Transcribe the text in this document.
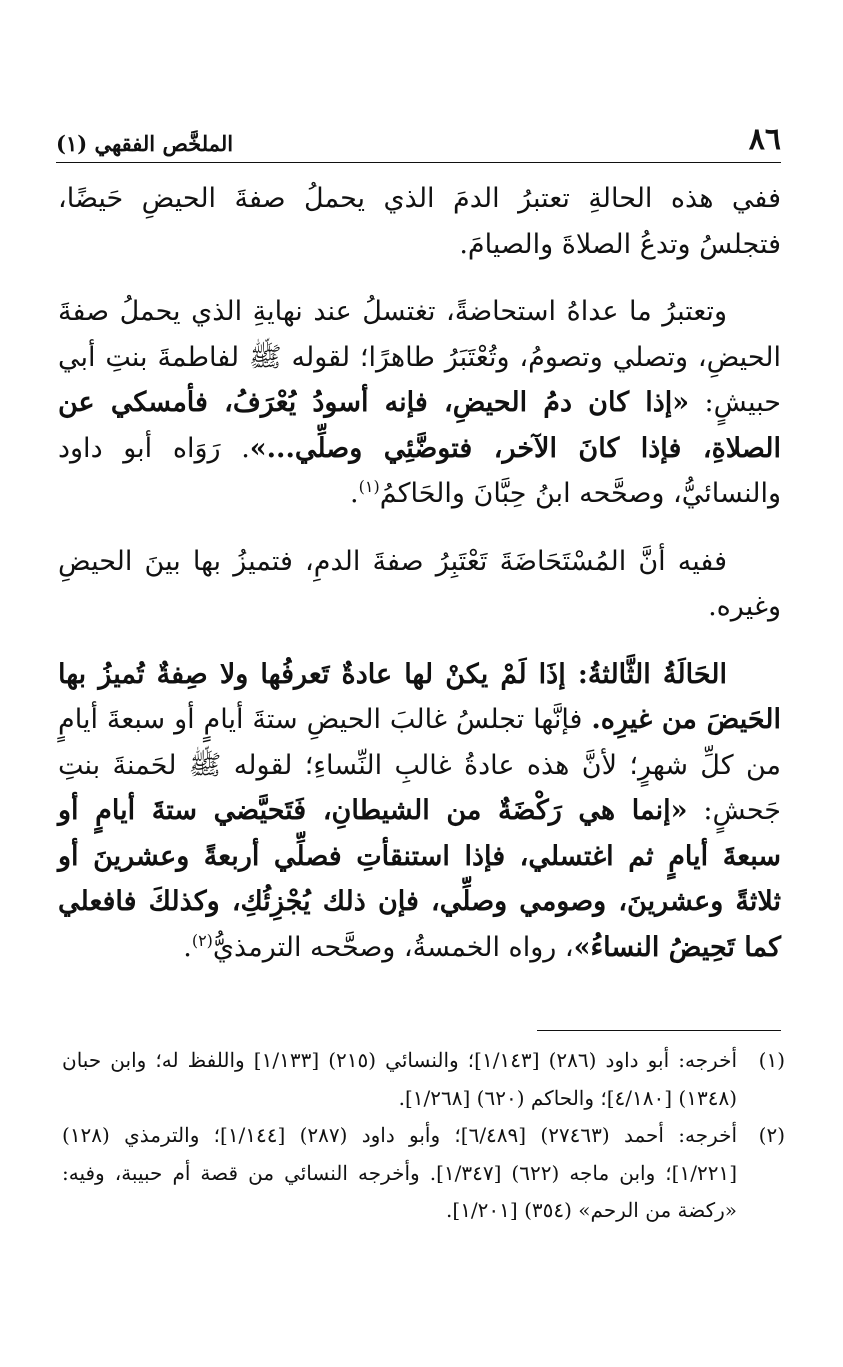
٨٦
الملخَّص الفقهي (١)

ففي هذه الحالةِ تعتبرُ الدمَ الذي يحملُ صفةَ الحيضِ حَيضًا، فتجلسُ وتدعُ الصلاةَ والصيامَ.

وتعتبرُ ما عداهُ استحاضةً، تغتسلُ عند نهايةِ الذي يحملُ صفةَ الحيضِ، وتصلي وتصومُ، وتُعْتَبَرُ طاهرًا؛ لقوله ﷺ لفاطمةَ بنتِ أبي حبيشٍ: «إذا كان دمُ الحيضِ، فإنه أسودُ يُعْرَفُ، فأمسكي عن الصلاةِ، فإذا كانَ الآخر، فتوضَّئِي وصلِّي...». رَوَاه أبو داود والنسائيُّ، وصحَّحه ابنُ حِبَّانَ والحَاكمُ$^{(١)}$.

ففيه أنَّ المُسْتَحَاضَةَ تَعْتَبِرُ صفةَ الدمِ، فتميزُ بها بينَ الحيضِ وغيره.

الحَالَةُ الثَّالثةُ: إذَا لَمْ يكنْ لها عادةٌ تَعرفُها ولا صِفةٌ تُميزُ بها الحَيضَ من غيرِه. فإنَّها تجلسُ غالبَ الحيضِ ستةَ أيامٍ أو سبعةَ أيامٍ من كلِّ شهرٍ؛ لأنَّ هذه عادةُ غالبِ النِّساءِ؛ لقوله ﷺ لحَمنةَ بنتِ جَحشٍ: «إنما هي رَكْضَةٌ من الشيطانِ، فَتَحيَّضي ستةَ أيامٍ أو سبعةَ أيامٍ ثم اغتسلي، فإذا استنقأتِ فصلِّي أربعةً وعشرينَ أو ثلاثةً وعشرينَ، وصومي وصلِّي، فإن ذلك يُجْزِئُكِ، وكذلكَ فافعلي كما تَحِيضُ النساءُ»، رواه الخمسةُ، وصحَّحه الترمذيُّ$^{(٢)}$.

(١)
أخرجه: أبو داود (٢٨٦) [١/١٤٣]؛ والنسائي (٢١٥) [١/١٣٣] واللفظ له؛ وابن حبان (١٣٤٨) [٤/١٨٠]؛ والحاكم (٦٢٠) [١/٢٦٨].

(٢)
أخرجه: أحمد (٢٧٤٦٣) [٦/٤٨٩]؛ وأبو داود (٢٨٧) [١/١٤٤]؛ والترمذي (١٢٨) [١/٢٢١]؛ وابن ماجه (٦٢٢) [١/٣٤٧]. وأخرجه النسائي من قصة أم حبيبة، وفيه: «ركضة من الرحم» (٣٥٤) [١/٢٠١].
